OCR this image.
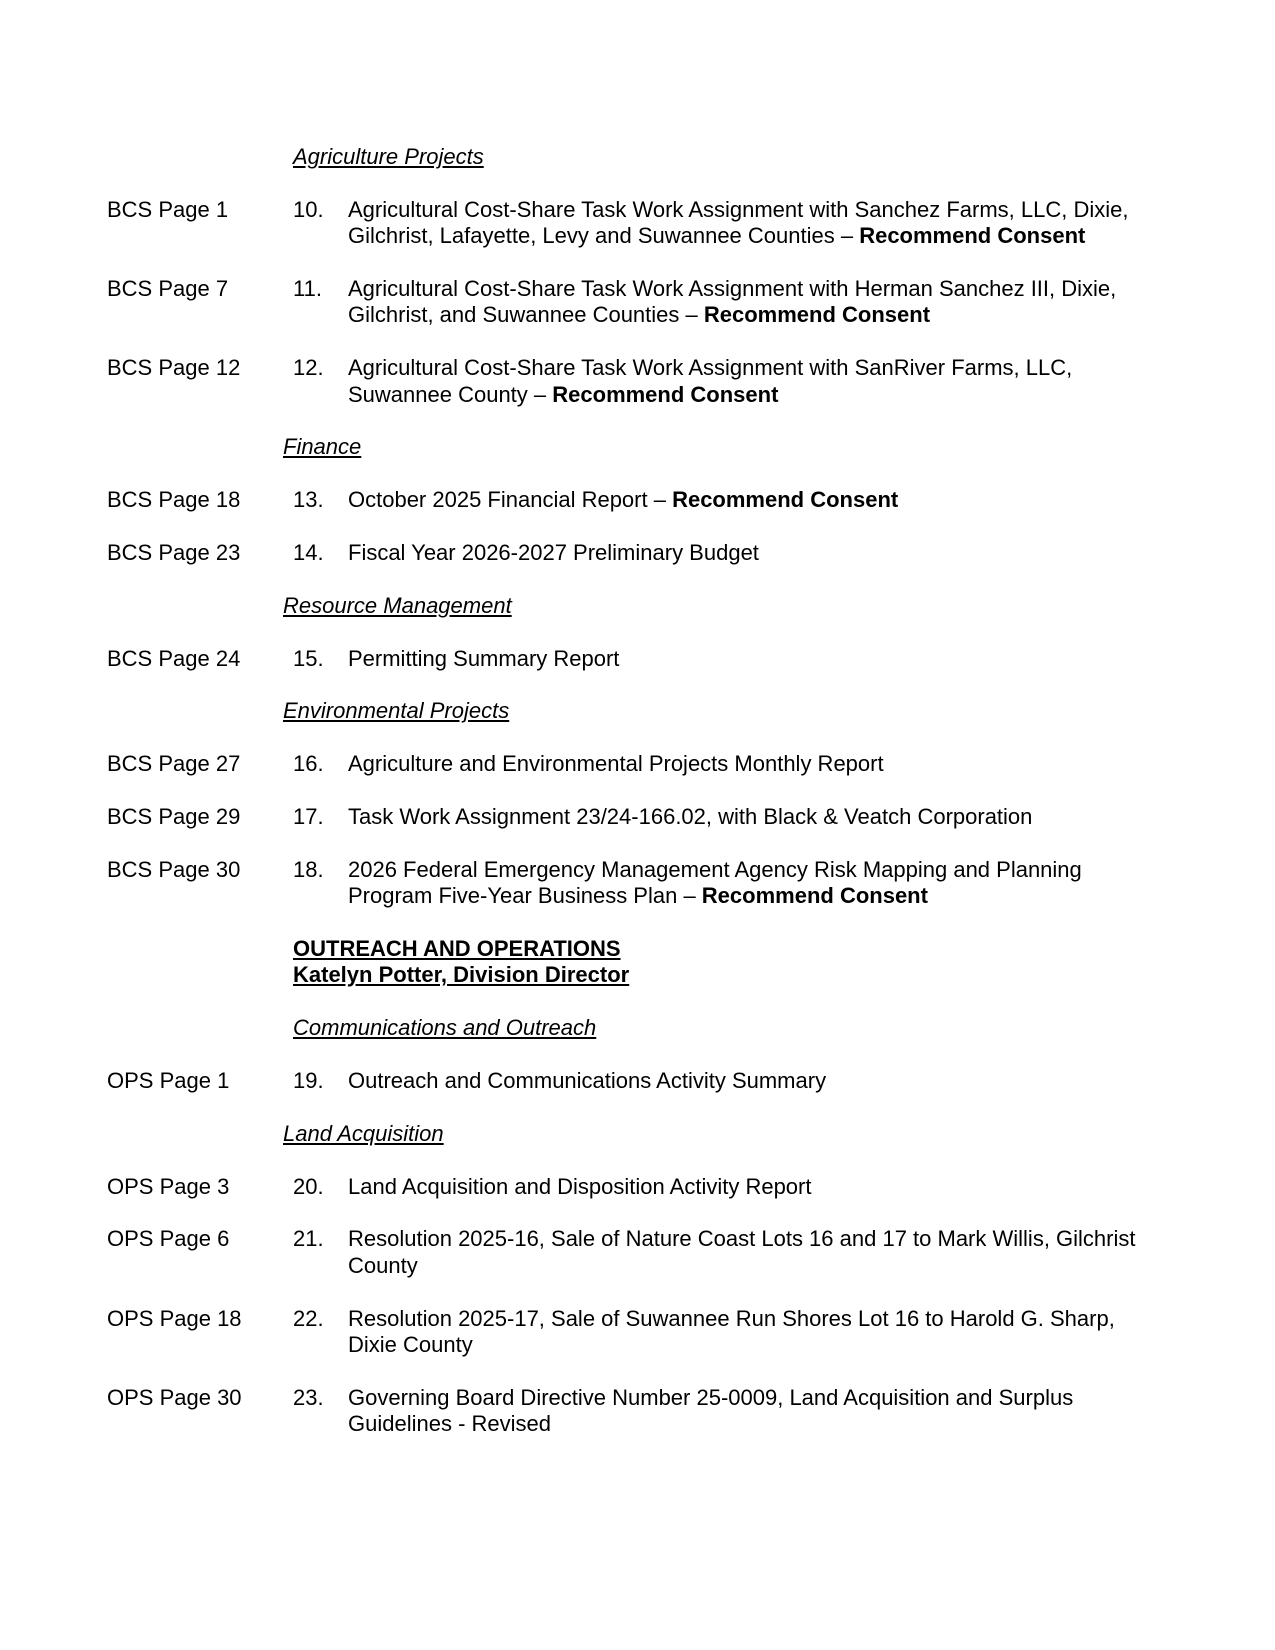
Agriculture Projects
BCS Page 1	10.	Agricultural Cost-Share Task Work Assignment with Sanchez Farms, LLC, Dixie,
Gilchrist, Lafayette, Levy and Suwannee Counties – Recommend Consent
BCS Page 7	11.	Agricultural Cost-Share Task Work Assignment with Herman Sanchez III, Dixie,
Gilchrist, and Suwannee Counties – Recommend Consent
BCS Page 12	12.	Agricultural Cost-Share Task Work Assignment with SanRiver Farms, LLC,
Suwannee County – Recommend Consent
Finance
BCS Page 18	13.	October 2025 Financial Report – Recommend Consent
BCS Page 23	14.	Fiscal Year 2026-2027 Preliminary Budget
Resource Management
BCS Page 24	15.	Permitting Summary Report
Environmental Projects
BCS Page 27	16.	Agriculture and Environmental Projects Monthly Report
BCS Page 29	17.	Task Work Assignment 23/24-166.02, with Black & Veatch Corporation
BCS Page 30	18.	2026 Federal Emergency Management Agency Risk Mapping and Planning
Program Five-Year Business Plan – Recommend Consent
OUTREACH AND OPERATIONS
Katelyn Potter, Division Director
Communications and Outreach
OPS Page 1	19.	Outreach and Communications Activity Summary
Land Acquisition
OPS Page 3	20.	Land Acquisition and Disposition Activity Report
OPS Page 6	21.	Resolution 2025-16, Sale of Nature Coast Lots 16 and 17 to Mark Willis, Gilchrist
County
OPS Page 18	22.	Resolution 2025-17, Sale of Suwannee Run Shores Lot 16 to Harold G. Sharp,
Dixie County
OPS Page 30	23.	Governing Board Directive Number 25-0009, Land Acquisition and Surplus
Guidelines - Revised
